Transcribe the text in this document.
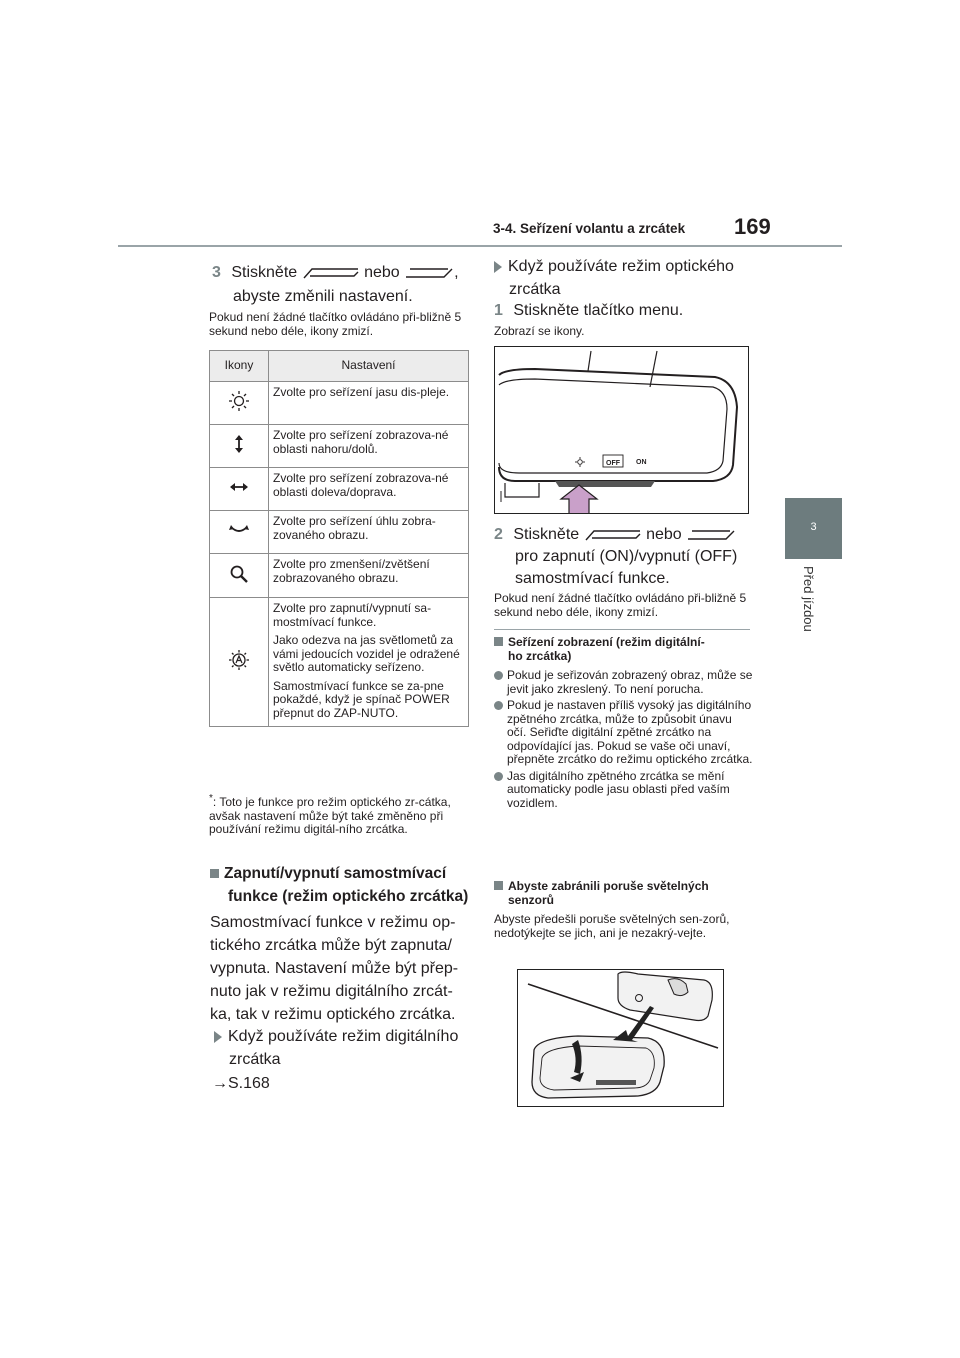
3-4. Seřízení volantu a zrcátek 169
3
Před jízdou
3 Stiskněte	nebo	,
abyste změnili nastavení.
Pokud není žádné tlačítko ovládáno při-bližně 5 sekund nebo déle, ikony zmizí.
Ikony	Nastavení
	Zvolte pro seřízení jasu dis-pleje.
	Zvolte pro seřízení zobrazova-né oblasti nahoru/dolů.
	Zvolte pro seřízení zobrazova-né oblasti doleva/doprava.
	Zvolte pro seřízení úhlu zobra-zovaného obrazu.
	Zvolte pro zmenšení/zvětšení zobrazovaného obrazu.

Zvolte pro zapnutí/vypnutí sa-mostmívací funkce.

Jako odezva na jas světlometů za vámi jedoucích vozidel je odražené světlo automaticky seřízeno.

Samostmívací funkce se za-pne pokaždé, když je spínač POWER přepnut do ZAP-NUTO.

*: Toto je funkce pro režim optického zr-cátka, avšak nastavení může být také změněno při používání režimu digitál-ního zrcátka.
Zapnutí/vypnutí samostmívací
funkce (režim optického zrcátka)
Samostmívací funkce v režimu op-
tického zrcátka může být zapnuta/
vypnuta. Nastavení může být přep-
nuto jak v režimu digitálního zrcát-
ka, tak v režimu optického zrcátka.
Když používáte režim digitálního
zrcátka
→S.168
Když používáte režim optického
zrcátka
1 Stiskněte tlačítko menu.
Zobrazí se ikony.
OFF ON
2 Stiskněte	nebo
pro zapnutí (ON)/vypnutí (OFF)
samostmívací funkce.
Pokud není žádné tlačítko ovládáno při-bližně 5 sekund nebo déle, ikony zmizí.
Seřízení zobrazení (režim digitální-
ho zrcátka)
Pokud je seřizován zobrazený obraz, může se jevit jako zkreslený. To není porucha.
Pokud je nastaven příliš vysoký jas digitálního zpětného zrcátka, může to způsobit únavu očí. Seřiďte digitální zpětné zrcátko na odpovídající jas. Pokud se vaše oči unaví, přepněte zrcátko do režimu optického zrcátka.
Jas digitálního zpětného zrcátka se mění automaticky podle jasu oblasti před vaším vozidlem.
Abyste zabránili poruše světelných
senzorů
Abyste předešli poruše světelných sen-zorů, nedotýkejte se jich, ani je nezakrý-vejte.
